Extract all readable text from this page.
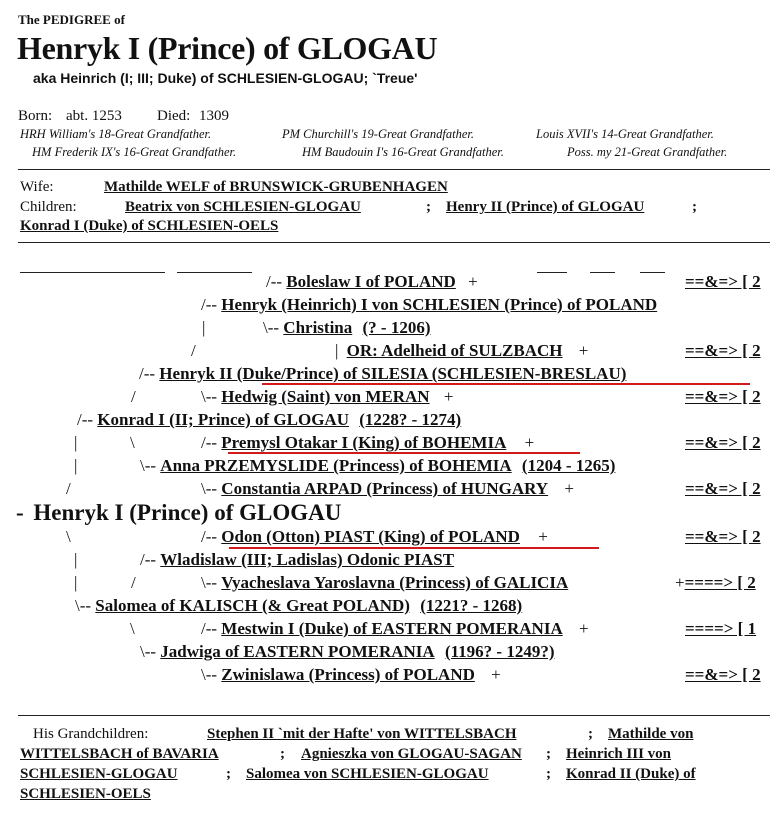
The PEDIGREE of
Henryk I (Prince) of GLOGAU
aka Heinrich (I; III; Duke) of SCHLESIEN-GLOGAU; `Treue'
Born: abt. 1253 Died: 1309
HRH William's 18-Great Grandfather.	PM Churchill's 19-Great Grandfather.	Louis XVII's 14-Great Grandfather.
HM Frederik IX's 16-Great Grandfather.	HM Baudouin I's 16-Great Grandfather.	Poss. my 21-Great Grandfather.
Wife:	Mathilde WELF of BRUNSWICK-GRUBENHAGEN
Children:	Beatrix von SCHLESIEN-GLOGAU	; Henry II (Prince) of GLOGAU	;
Konrad I (Duke) of SCHLESIEN-OELS
/-- Boleslaw I of POLAND +	==&=> [ 2
/-- Henryk (Heinrich) I von SCHLESIEN (Prince) of POLAND
|	\-- Christina (? - 1206)
/	| OR: Adelheid of SULZBACH +	==&=> [ 2
/-- Henryk II (Duke/Prince) of SILESIA (SCHLESIEN-BRESLAU)
/	\-- Hedwig (Saint) von MERAN +	==&=> [ 2
/-- Konrad I (II; Prince) of GLOGAU (1228? - 1274)
|	\	/-- Premysl Otakar I (King) of BOHEMIA +	==&=> [ 2
|	\-- Anna PRZEMYSLIDE (Princess) of BOHEMIA (1204 - 1265)
/	\-- Constantia ARPAD (Princess) of HUNGARY +	==&=> [ 2
- Henryk I (Prince) of GLOGAU
\	/-- Odon (Otton) PIAST (King) of POLAND +	==&=> [ 2
|	/-- Wladislaw (III; Ladislas) Odonic PIAST
|	/	\-- Vyacheslava Yaroslavna (Princess) of GALICIA	+====> [ 2
\-- Salomea of KALISCH (& Great POLAND) (1221? - 1268)
\	/-- Mestwin I (Duke) of EASTERN POMERANIA +	====> [ 1
\-- Jadwiga of EASTERN POMERANIA (1196? - 1249?)
\-- Zwinislawa (Princess) of POLAND +	==&=> [ 2
His Grandchildren:	Stephen II `mit der Hafte' von WITTELSBACH	; Mathilde von
WITTELSBACH of BAVARIA	; Agnieszka von GLOGAU-SAGAN ; Heinrich III von
SCHLESIEN-GLOGAU	; Salomea von SCHLESIEN-GLOGAU	; Konrad II (Duke) of
SCHLESIEN-OELS
